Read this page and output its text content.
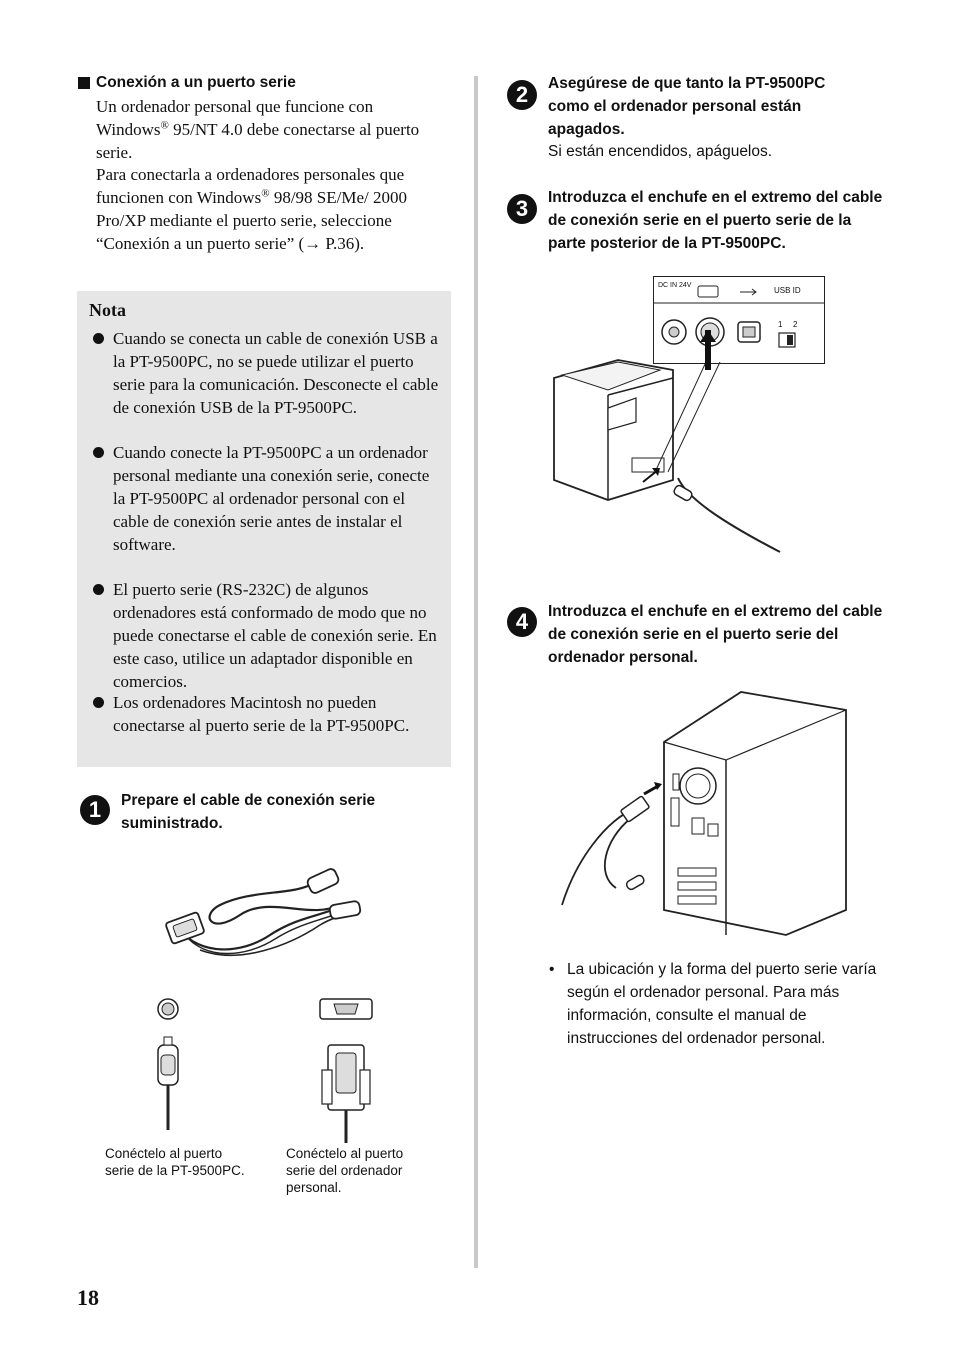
Conexión a un puerto serie
Un ordenador personal que funcione con Windows® 95/NT 4.0 debe conectarse al puerto serie.
Para conectarla a ordenadores personales que funcionen con Windows® 98/98 SE/Me/ 2000 Pro/XP mediante el puerto serie, seleccione “Conexión a un puerto serie” (→ P.36).
Nota
Cuando se conecta un cable de conexión USB a la PT-9500PC, no se puede utilizar el puerto serie para la comunicación. Desconecte el cable de conexión USB de la PT-9500PC.
Cuando conecte la PT-9500PC a un ordenador personal mediante una conexión serie, conecte la PT-9500PC al ordenador personal con el cable de conexión serie antes de instalar el software.
El puerto serie (RS-232C) de algunos ordenadores está conformado de modo que no puede conectarse el cable de conexión serie. En este caso, utilice un adaptador disponible en comercios.
Los ordenadores Macintosh no pueden conectarse al puerto serie de la PT-9500PC.
1	Prepare el cable de conexión serie suministrado.
Conéctelo al puerto serie de la PT-9500PC.
Conéctelo al puerto serie del ordenador personal.
2	Asegúrese de que tanto la PT-9500PC como el ordenador personal están apagados.
Si están encendidos, apáguelos.
3	Introduzca el enchufe en el extremo del cable de conexión serie en el puerto serie de la parte posterior de la PT-9500PC.
DC IN 24V
USB ID
1 2
4	Introduzca el enchufe en el extremo del cable de conexión serie en el puerto serie del ordenador personal.
• La ubicación y la forma del puerto serie varía según el ordenador personal. Para más información, consulte el manual de instrucciones del ordenador personal.
18
